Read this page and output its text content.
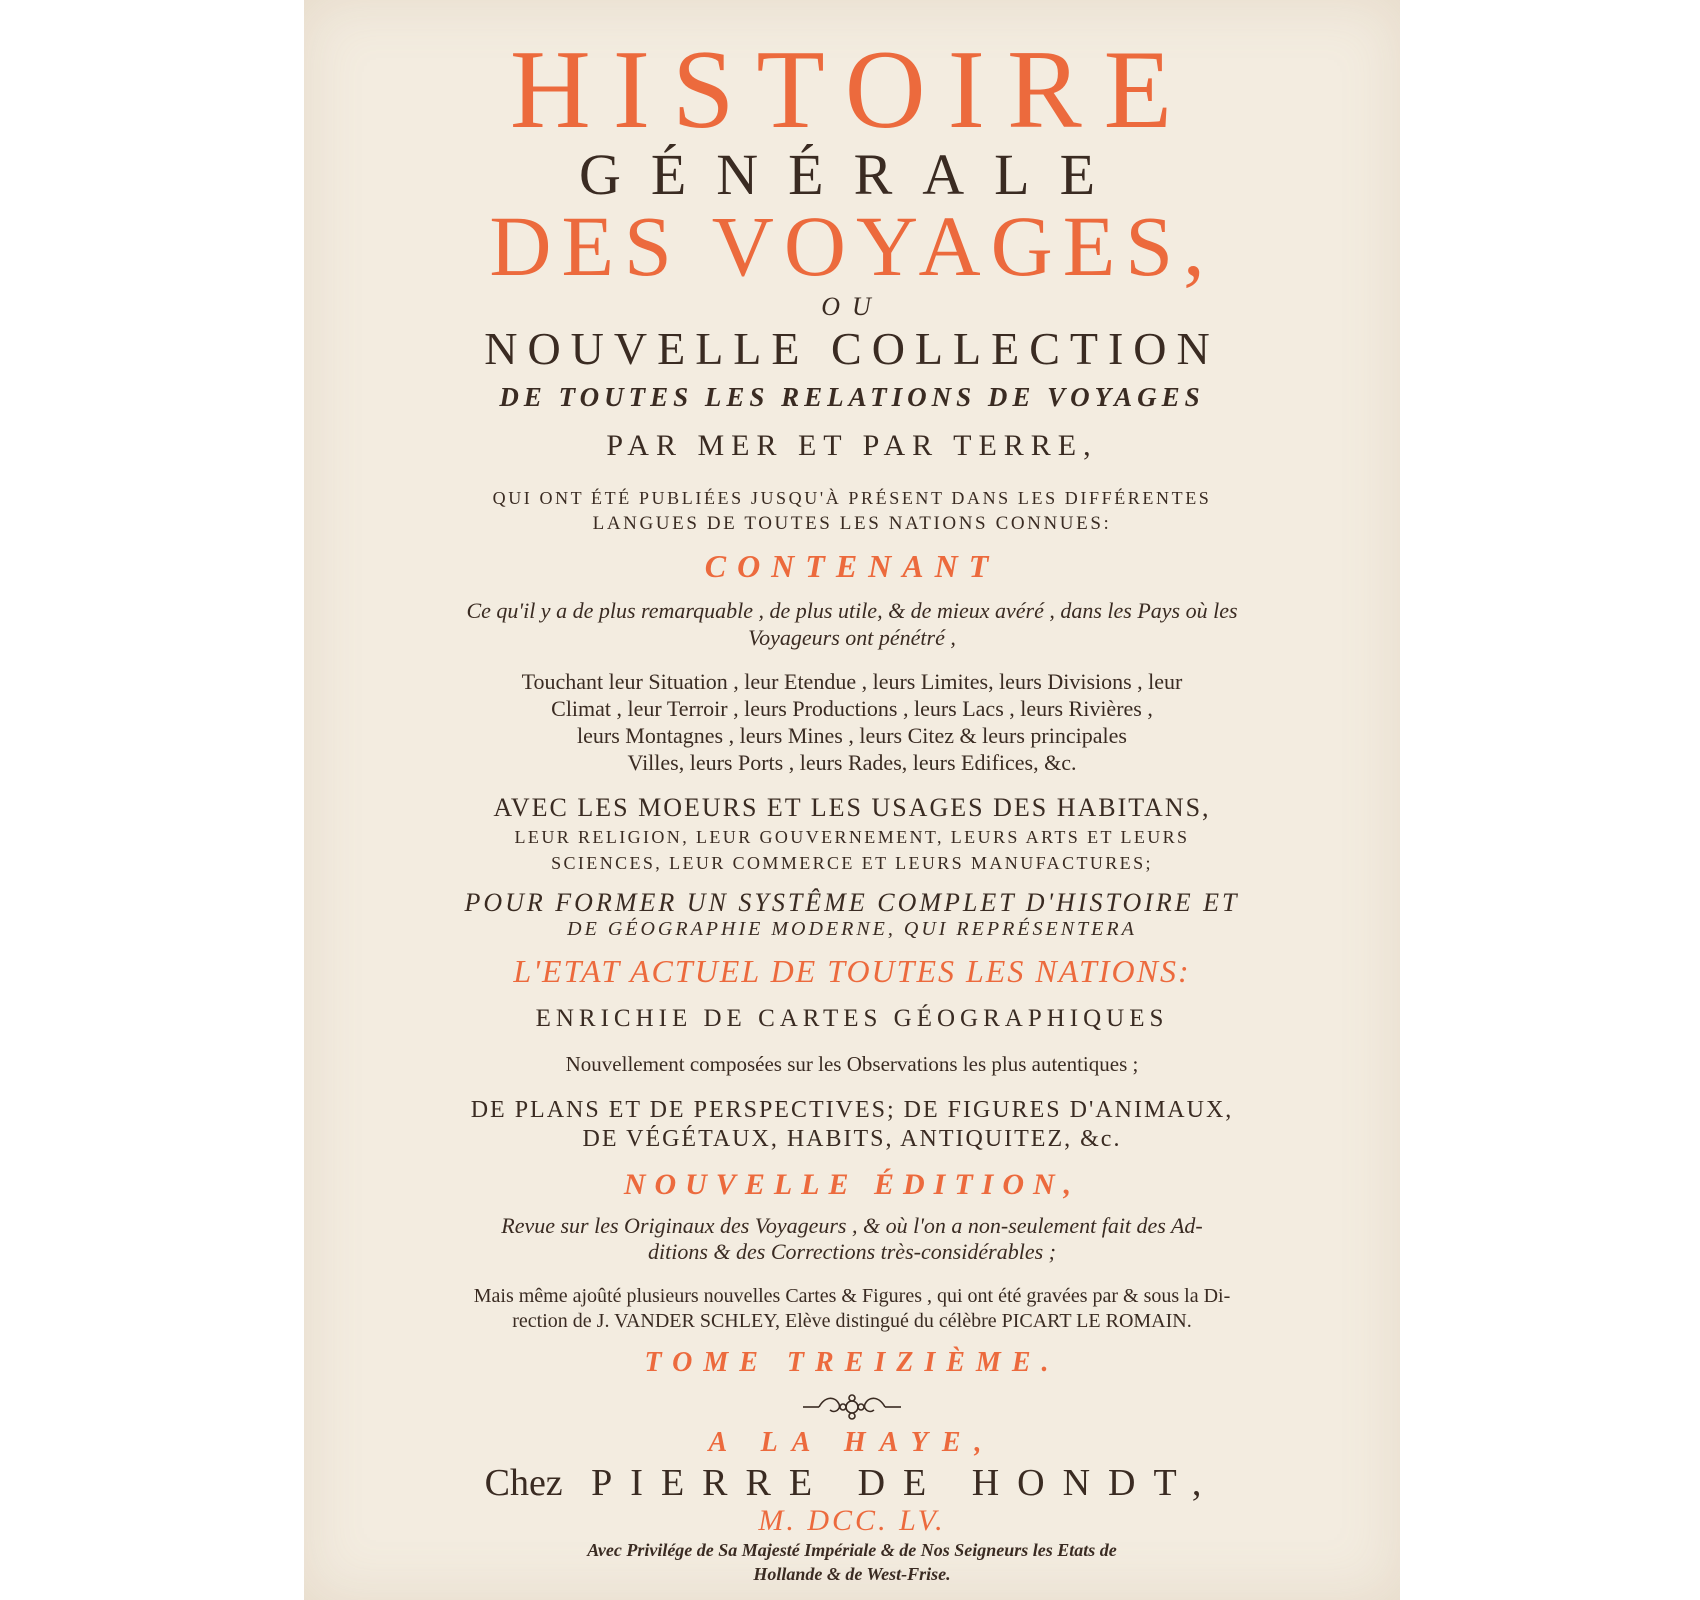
HISTOIRE

GÉNÉRALE

DES VOYAGES,

OU

NOUVELLE COLLECTION

DE TOUTES LES RELATIONS DE VOYAGES

PAR MER ET PAR TERRE,

QUI ONT ÉTÉ PUBLIÉES JUSQU'À PRÉSENT DANS LES DIFFÉRENTES

LANGUES DE TOUTES LES NATIONS CONNUES:

CONTENANT

Ce qu'il y a de plus remarquable , de plus utile, & de mieux avéré , dans les Pays où les

Voyageurs ont pénétré ,

Touchant leur Situation , leur Etendue , leurs Limites, leurs Divisions , leur

Climat , leur Terroir , leurs Productions , leurs Lacs , leurs Rivières ,

leurs Montagnes , leurs Mines , leurs Citez & leurs principales

Villes, leurs Ports , leurs Rades, leurs Edifices, &c.

AVEC LES MOEURS ET LES USAGES DES HABITANS,

LEUR RELIGION, LEUR GOUVERNEMENT, LEURS ARTS ET LEURS

SCIENCES, LEUR COMMERCE ET LEURS MANUFACTURES;

POUR FORMER UN SYSTÊME COMPLET D'HISTOIRE ET

DE GÉOGRAPHIE MODERNE, QUI REPRÉSENTERA

L'ETAT ACTUEL DE TOUTES LES NATIONS:

ENRICHIE DE CARTES GÉOGRAPHIQUES

Nouvellement composées sur les Observations les plus autentiques ;

DE PLANS ET DE PERSPECTIVES; DE FIGURES D'ANIMAUX,

DE VÉGÉTAUX, HABITS, ANTIQUITEZ, &c.

NOUVELLE ÉDITION,

Revue sur les Originaux des Voyageurs , & où l'on a non-seulement fait des Ad-

ditions & des Corrections très-considérables ;

Mais même ajoûté plusieurs nouvelles Cartes & Figures , qui ont été gravées par & sous la Di-

rection de J. VANDER SCHLEY, Elève distingué du célèbre PICART LE ROMAIN.

TOME TREIZIÈME.

A LA HAYE,

Chez PIERRE DE HONDT,

M. DCC. LV.

Avec Privilége de Sa Majesté Impériale & de Nos Seigneurs les Etats de

Hollande & de West-Frise.
